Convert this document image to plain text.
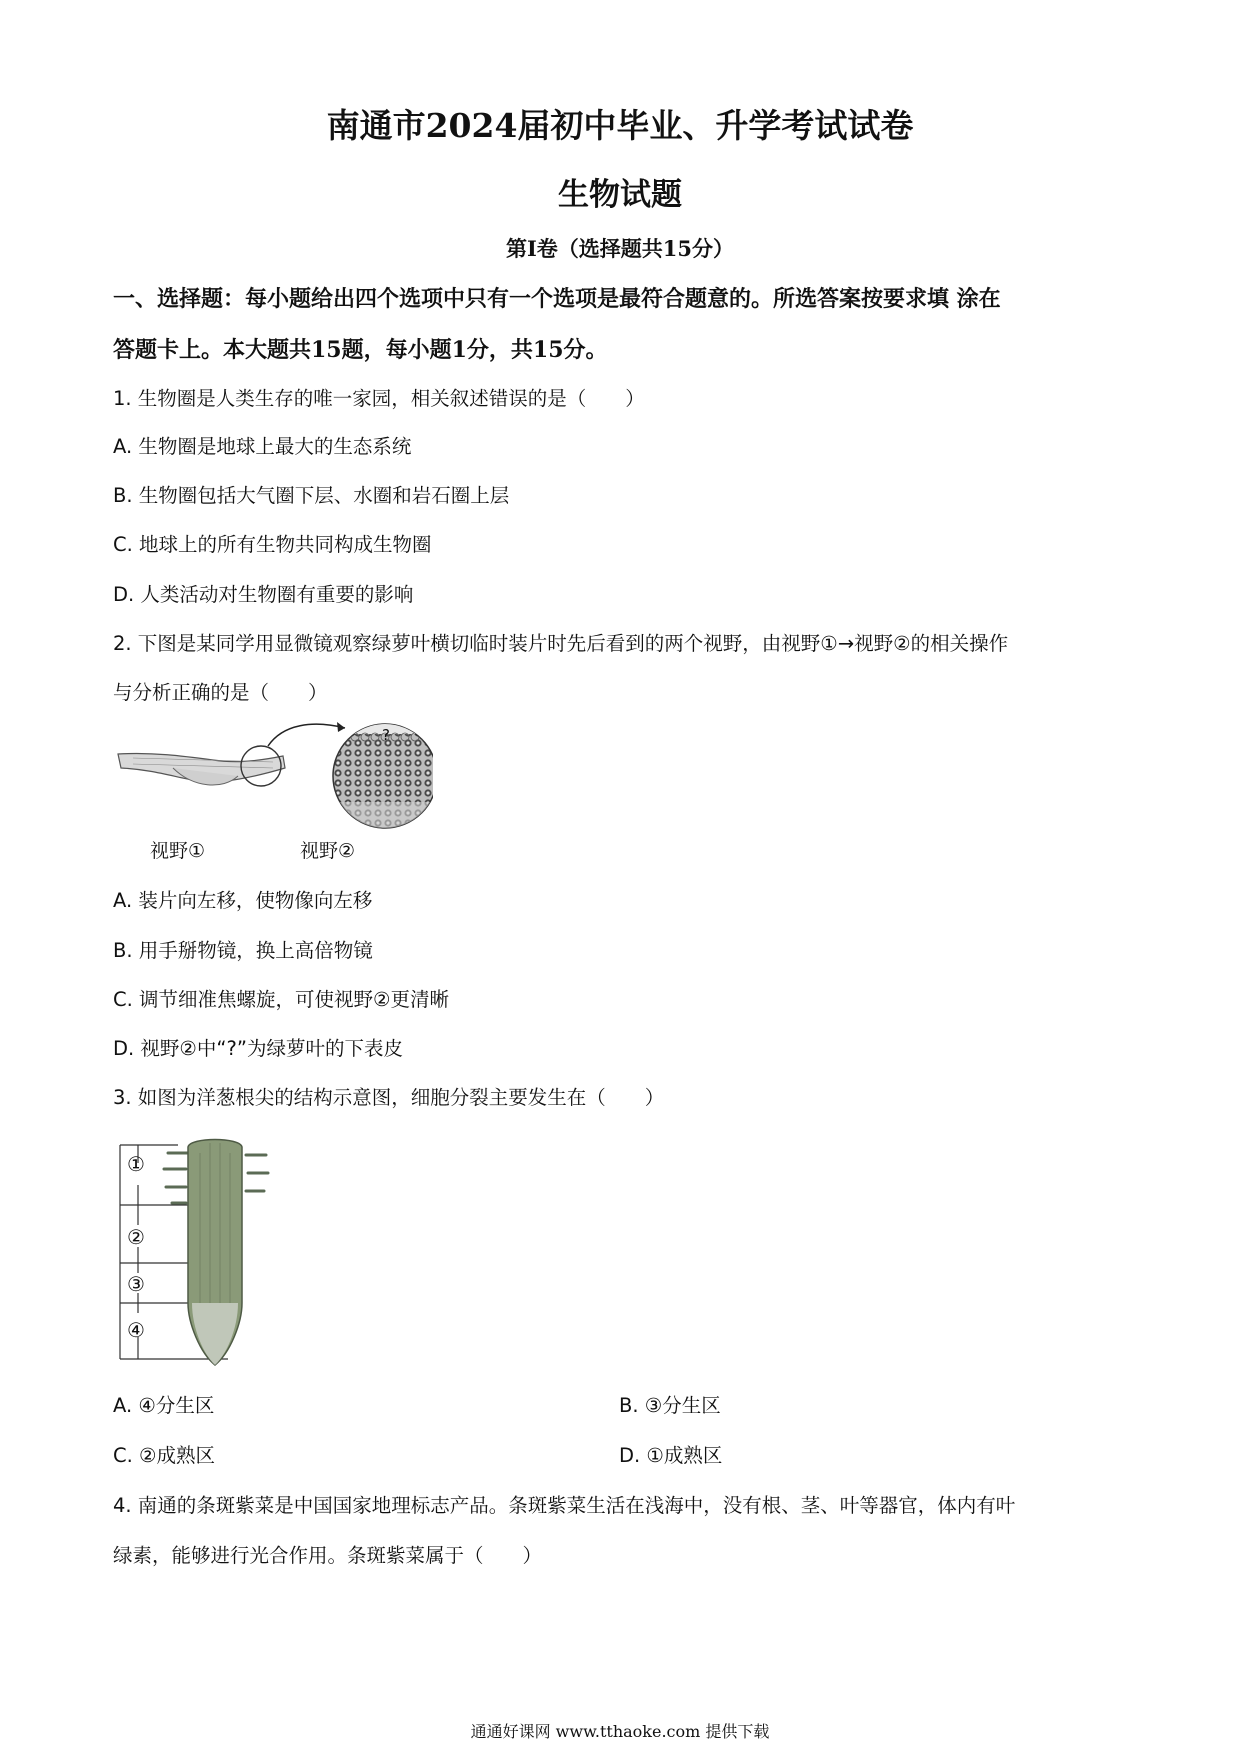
南通市2024届初中毕业、升学考试试卷
生物试题
第Ⅰ卷（选择题共15分）
一、选择题：每小题给出四个选项中只有一个选项是最符合题意的。所选答案按要求填 涂在
答题卡上。本大题共15题，每小题1分，共15分。
1. 生物圈是人类生存的唯一家园，相关叙述错误的是（　　）
A. 生物圈是地球上最大的生态系统
B. 生物圈包括大气圈下层、水圈和岩石圈上层
C. 地球上的所有生物共同构成生物圈
D. 人类活动对生物圈有重要的影响
2. 下图是某同学用显微镜观察绿萝叶横切临时装片时先后看到的两个视野，由视野①→视野②的相关操作
与分析正确的是（　　）
?
视野①	视野②
A. 装片向左移，使物像向左移
B. 用手掰物镜，换上高倍物镜
C. 调节细准焦螺旋，可使视野②更清晰
D. 视野②中“?”为绿萝叶的下表皮
3. 如图为洋葱根尖的结构示意图，细胞分裂主要发生在（　　）
①
②
③
④
A. ④分生区	B. ③分生区
C. ②成熟区	D. ①成熟区
4. 南通的条斑紫菜是中国国家地理标志产品。条斑紫菜生活在浅海中，没有根、茎、叶等器官，体内有叶
绿素，能够进行光合作用。条斑紫菜属于（　　）
通通好课网 www.tthaoke.com 提供下载
